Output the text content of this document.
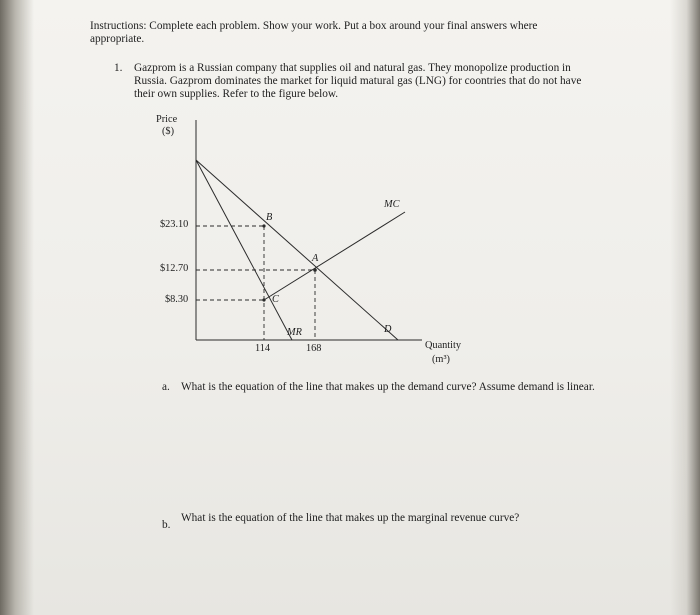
Instructions: Complete each problem. Show your work. Put a box around your final answers where appropriate.
1. Gazprom is a Russian company that supplies oil and natural gas. They monopolize production in Russia. Gazprom dominates the market for liquid matural gas (LNG) for coontries that do not have their own supplies. Refer to the figure below.
Price
($)
$23.10
$12.70
$8.30
114	168	Quantity
(m³)
A
B
C
MC
MR	D
a. What is the equation of the line that makes up the demand curve? Assume demand is linear.
b.
What is the equation of the line that makes up the marginal revenue curve?
